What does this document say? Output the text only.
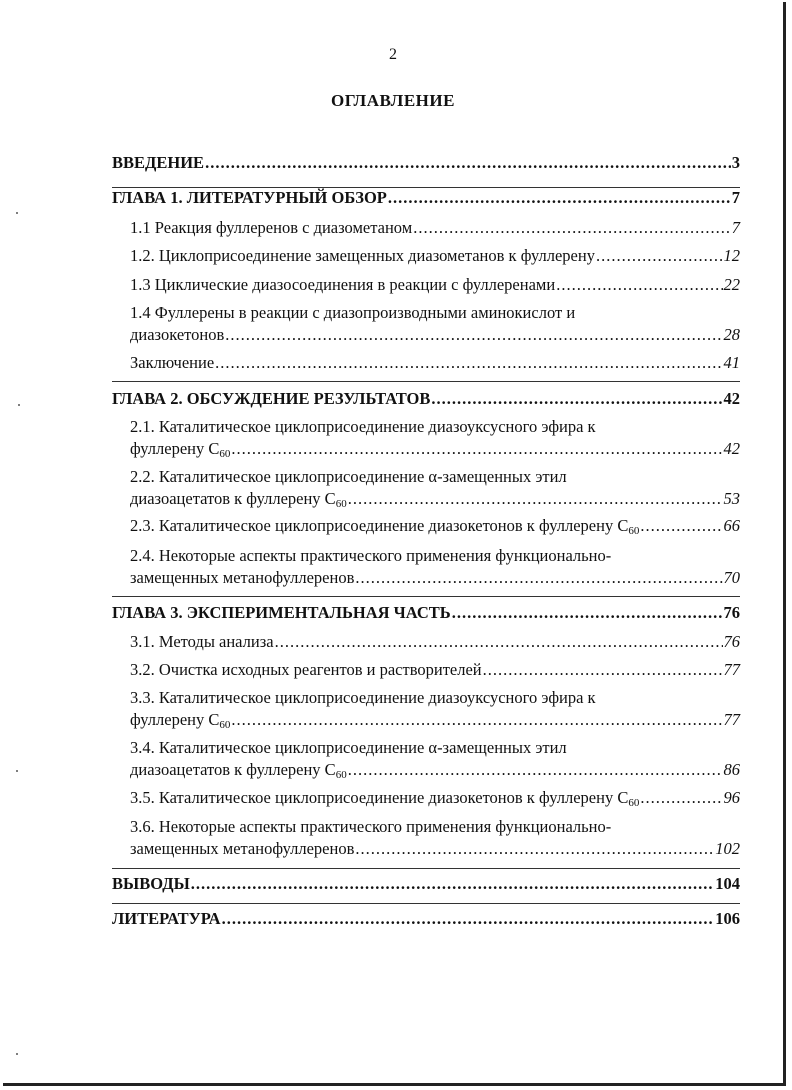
2
ОГЛАВЛЕНИЕ
ВВЕДЕНИЕ .....	3
ГЛАВА 1. ЛИТЕРАТУРНЫЙ ОБЗОР .....	7
1.1 Реакция фуллеренов с диазометаном .....	7
1.2. Циклоприсоединение замещенных диазометанов к фуллерену .....	12
1.3 Циклические диазосоединения в реакции с фуллеренами .....	22
1.4 Фуллерены в реакции с диазопроизводными аминокислот и
диазокетонов .....	28
Заключение .....	41
ГЛАВА 2. ОБСУЖДЕНИЕ РЕЗУЛЬТАТОВ .....	42
2.1. Каталитическое циклоприсоединение диазоуксусного эфира к
фуллерену C60 .....	42
2.2. Каталитическое циклоприсоединение α-замещенных этил
диазоацетатов к фуллерену C60 .....	53
2.3. Каталитическое циклоприсоединение диазокетонов к фуллерену C60 .....	66
2.4. Некоторые аспекты практического применения функционально-
замещенных метанофуллеренов .....	70
ГЛАВА 3. ЭКСПЕРИМЕНТАЛЬНАЯ ЧАСТЬ .....	76
3.1. Методы анализа .....	76
3.2. Очистка исходных реагентов и растворителей .....	77
3.3. Каталитическое циклоприсоединение диазоуксусного эфира к
фуллерену C60 .....	77
3.4. Каталитическое циклоприсоединение α-замещенных этил
диазоацетатов к фуллерену C60 .....	86
3.5. Каталитическое циклоприсоединение диазокетонов к фуллерену C60 .....	96
3.6. Некоторые аспекты практического применения функционально-
замещенных метанофуллеренов .....	102
ВЫВОДЫ .....	104
ЛИТЕРАТУРА .....	106
